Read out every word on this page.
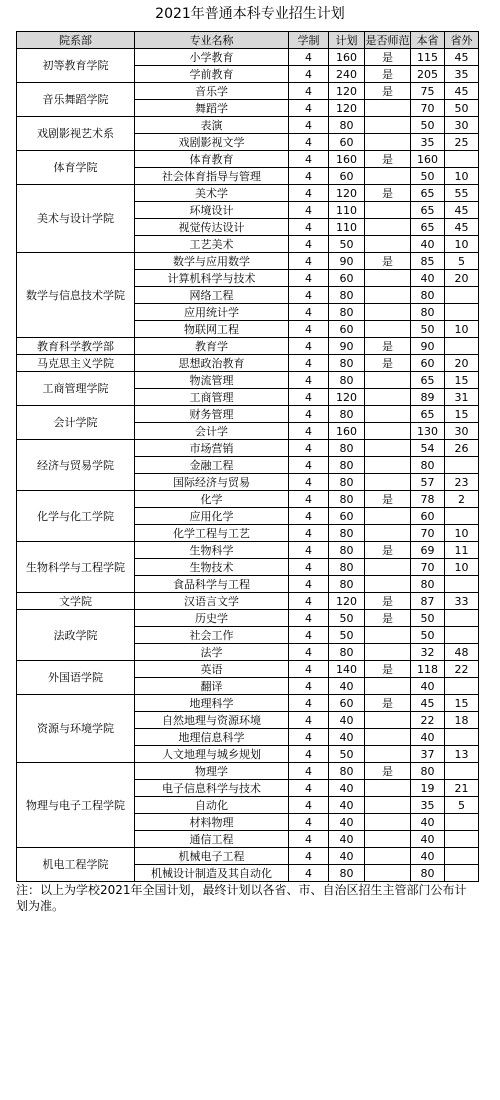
2021年普通本科专业招生计划
院系部	专业名称	学制	计划	是否师范	本省	省外
初等教育学院	小学教育	4	160	是	115	45
	学前教育	4	240	是	205	35
音乐舞蹈学院	音乐学	4	120	是	75	45
	舞蹈学	4	120		70	50
戏剧影视艺术系	表演	4	80		50	30
	戏剧影视文学	4	60		35	25
体育学院	体育教育	4	160	是	160	
	社会体育指导与管理	4	60		50	10
美术与设计学院	美术学	4	120	是	65	55
	环境设计	4	110		65	45
	视觉传达设计	4	110		65	45
	工艺美术	4	50		40	10
数学与信息技术学院	数学与应用数学	4	90	是	85	5
	计算机科学与技术	4	60		40	20
	网络工程	4	80		80	
	应用统计学	4	80		80	
	物联网工程	4	60		50	10
教育科学教学部	教育学	4	90	是	90	
马克思主义学院	思想政治教育	4	80	是	60	20
工商管理学院	物流管理	4	80		65	15
	工商管理	4	120		89	31
会计学院	财务管理	4	80		65	15
	会计学	4	160		130	30
经济与贸易学院	市场营销	4	80		54	26
	金融工程	4	80		80	
	国际经济与贸易	4	80		57	23
化学与化工学院	化学	4	80	是	78	2
	应用化学	4	60		60	
	化学工程与工艺	4	80		70	10
生物科学与工程学院	生物科学	4	80	是	69	11
	生物技术	4	80		70	10
	食品科学与工程	4	80		80	
文学院	汉语言文学	4	120	是	87	33
法政学院	历史学	4	50	是	50	
	社会工作	4	50		50	
	法学	4	80		32	48
外国语学院	英语	4	140	是	118	22
	翻译	4	40		40	
资源与环境学院	地理科学	4	60	是	45	15
	自然地理与资源环境	4	40		22	18
	地理信息科学	4	40		40	
	人文地理与城乡规划	4	50		37	13
物理与电子工程学院	物理学	4	80	是	80	
	电子信息科学与技术	4	40		19	21
	自动化	4	40		35	5
	材料物理	4	40		40	
	通信工程	4	40		40	
机电工程学院	机械电子工程	4	40		40	
	机械设计制造及其自动化	4	80		80	
注：以上为学校2021年全国计划，最终计划以各省、市、自治区招生主管部门公布计划为准。
